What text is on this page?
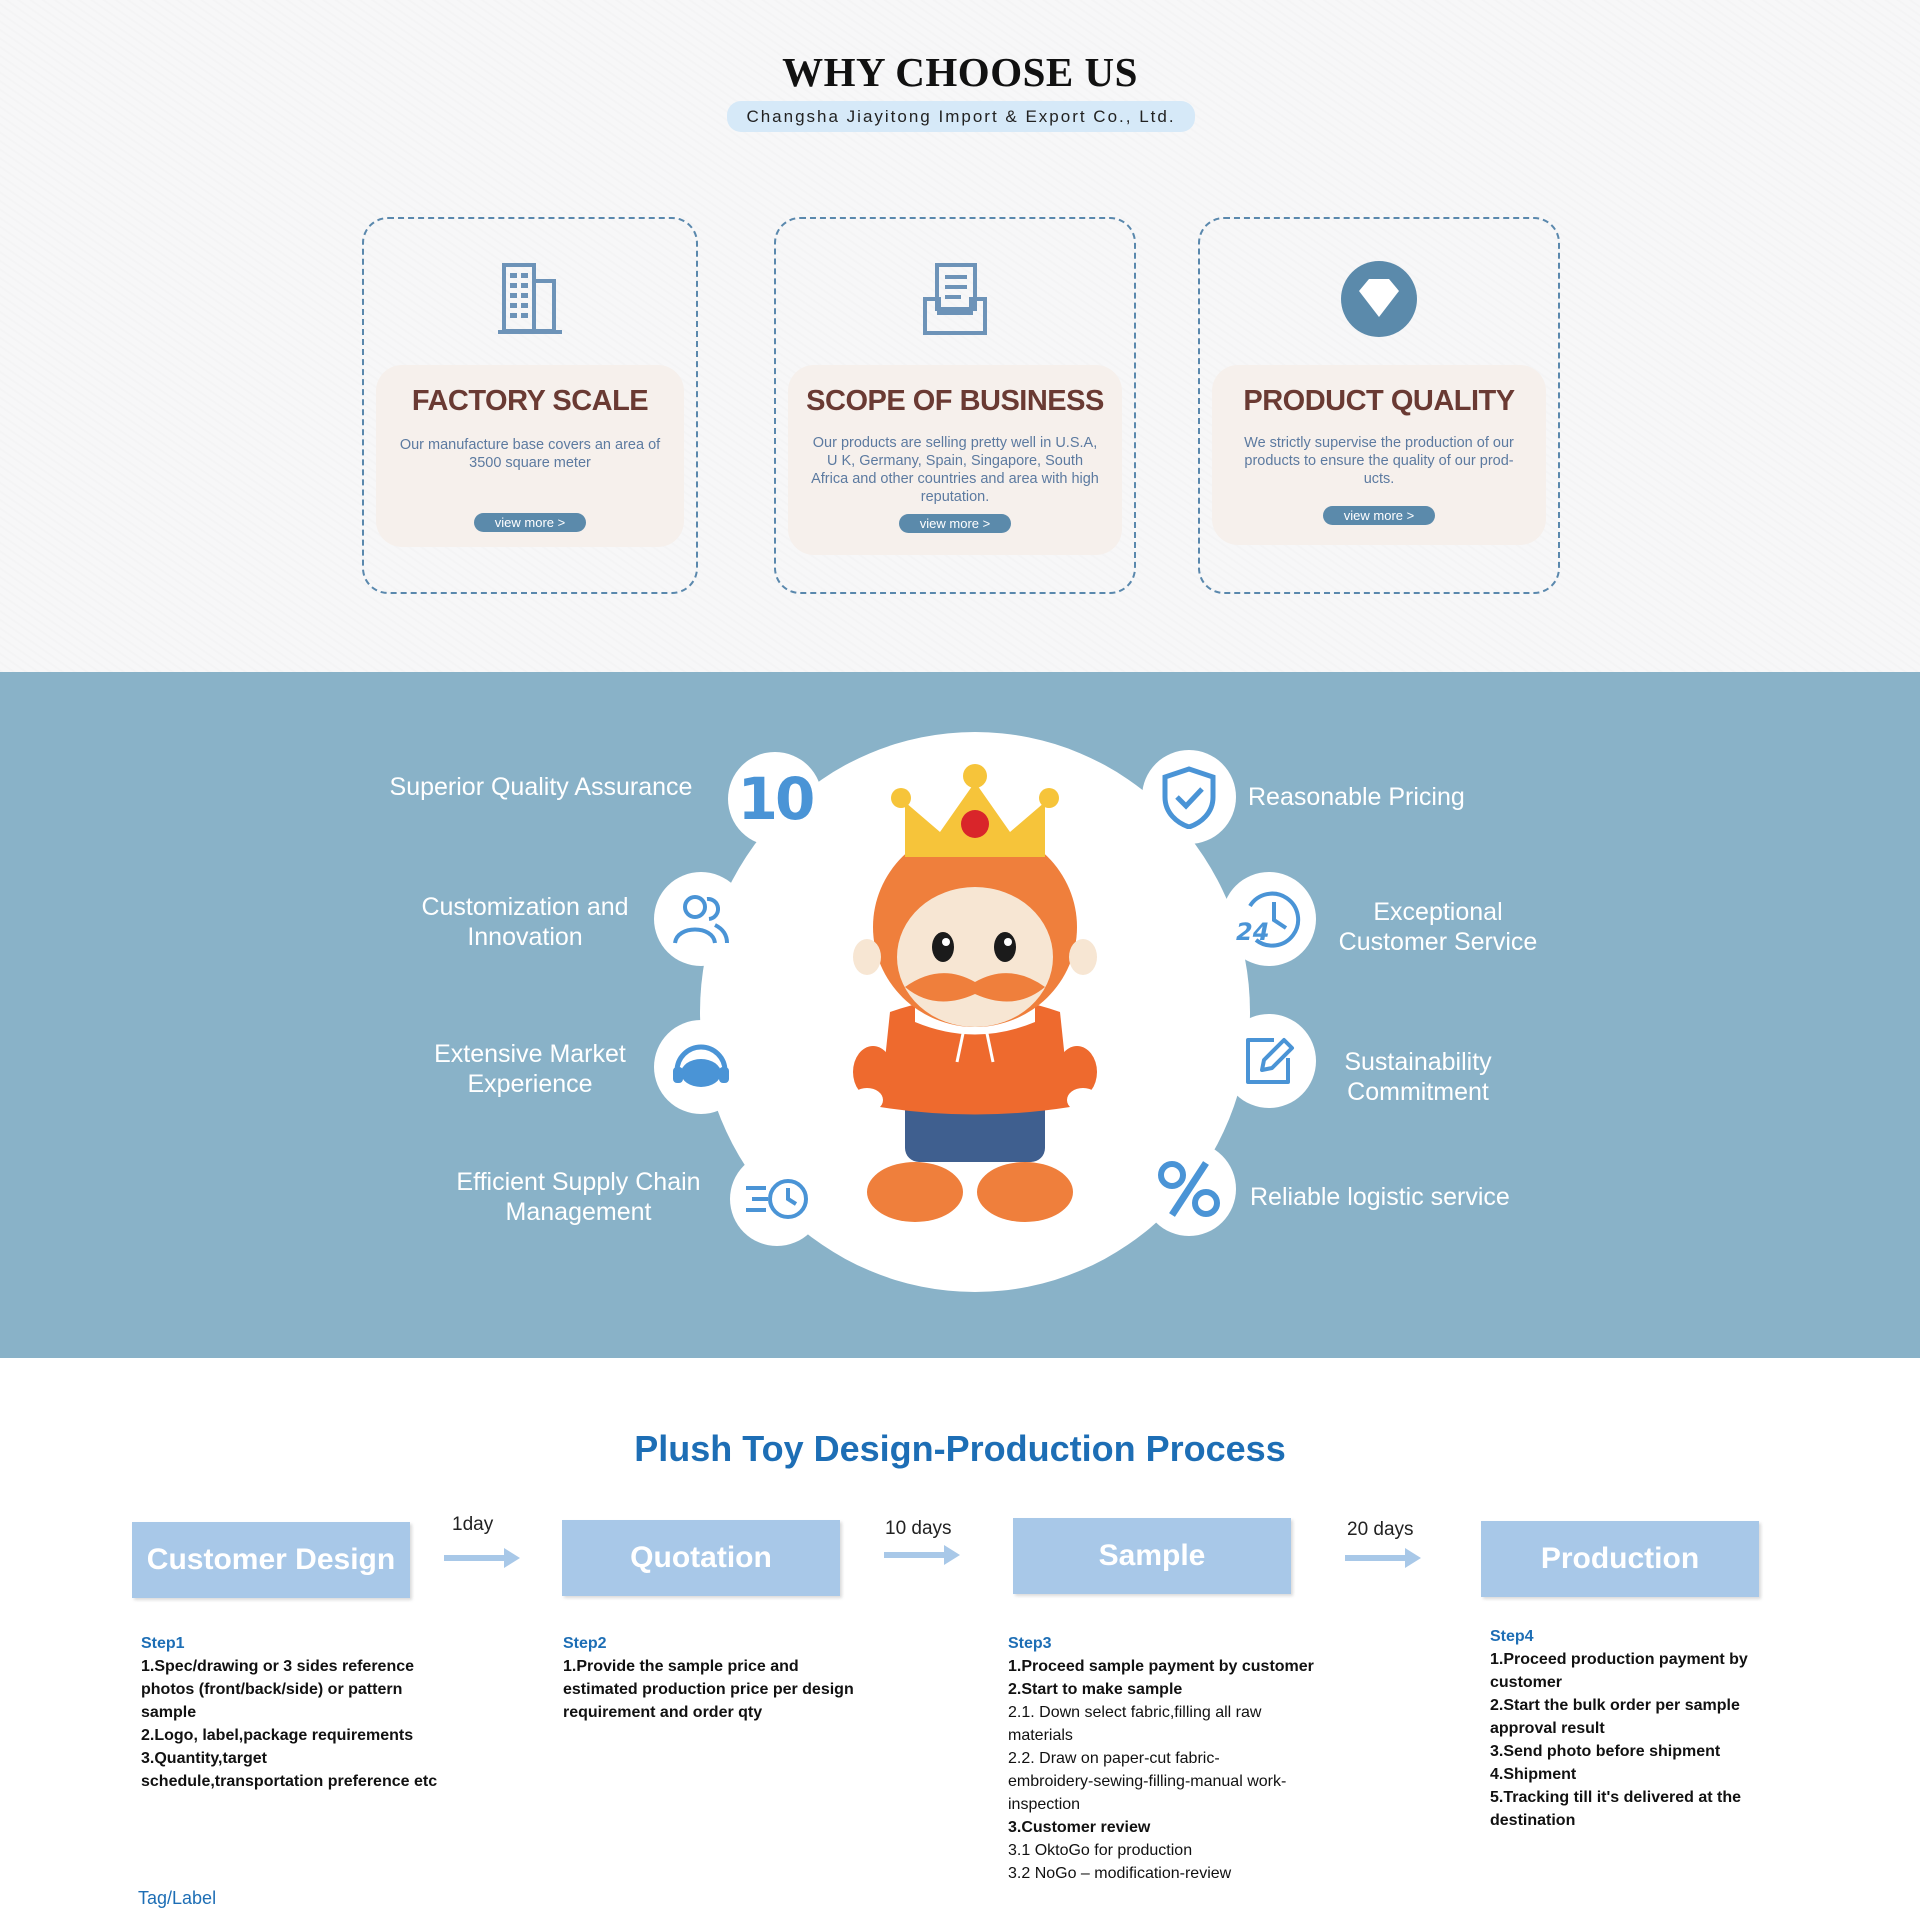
WHY CHOOSE US
Changsha Jiayitong Import & Export Co., Ltd.
FACTORY SCALE
Our manufacture base covers an area of 3500 square meter
view more >
SCOPE OF BUSINESS
Our products are selling pretty well in U.S.A, U K, Germany, Spain, Singapore, South Africa and other countries and area with high reputation.
view more >
PRODUCT QUALITY
We strictly supervise the production of our products to ensure the quality of our prod-ucts.
view more >
10
24
Superior Quality Assurance
Customization and Innovation
Extensive Market Experience
Efficient Supply Chain Management
Reasonable Pricing
Exceptional Customer Service
Sustainability Commitment
Reliable logistic service
Plush Toy Design-Production Process
Customer Design	Quotation	Sample	Production
1day	10 days	20 days
Step1
1.Spec/drawing or 3 sides reference
photos (front/back/side) or pattern
sample
2.Logo, label,package requirements
3.Quantity,target
schedule,transportation preference etc
Step2
1.Provide the sample price and
estimated production price per design
requirement and order qty
Step3
1.Proceed sample payment by customer
2.Start to make sample
2.1. Down select fabric,filling all raw
materials
2.2. Draw on paper-cut fabric-
embroidery-sewing-filling-manual work-
inspection
3.Customer review
3.1 OktoGo for production
3.2 NoGo – modification-review
Step4
1.Proceed production payment by
customer
2.Start the bulk order per sample
approval result
3.Send photo before shipment
4.Shipment
5.Tracking till it's delivered at the
destination
Tag/Label
